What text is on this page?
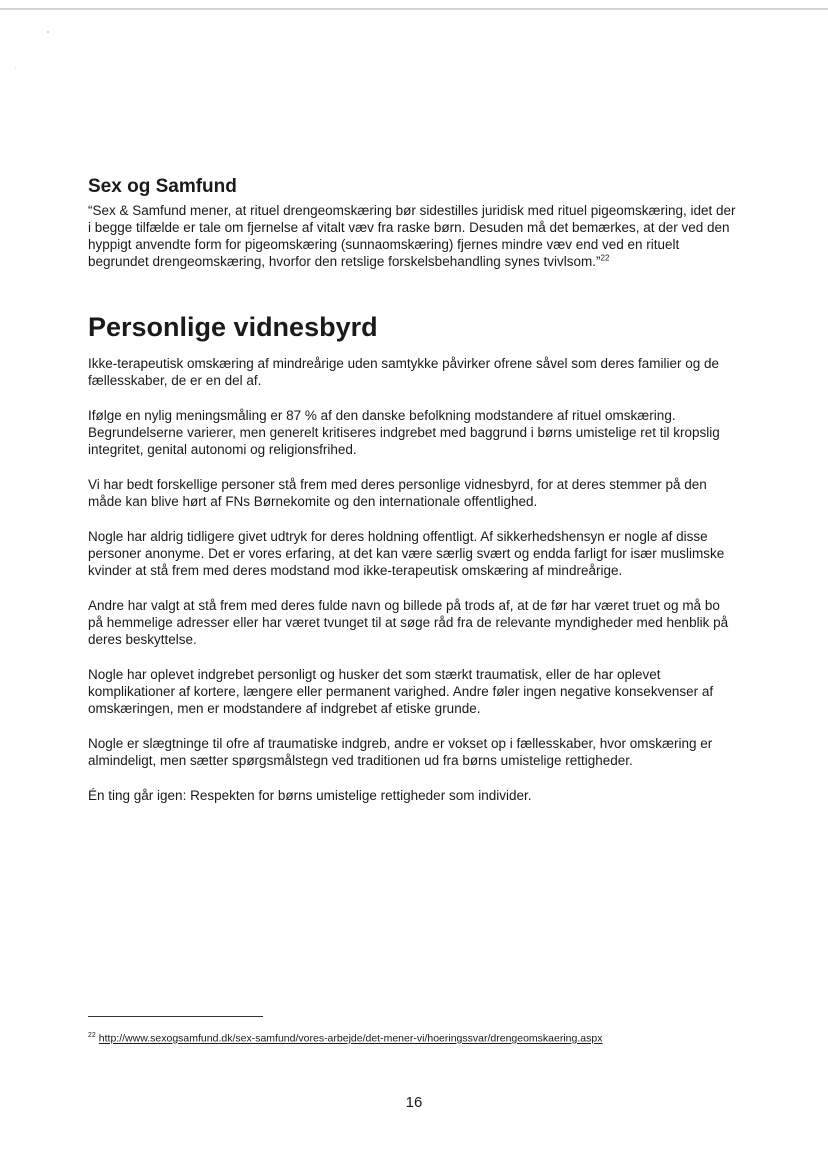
Sex og Samfund

“Sex & Samfund mener, at rituel drengeomskæring bør sidestilles juridisk med rituel pigeomskæring, idet der i begge tilfælde er tale om fjernelse af vitalt væv fra raske børn. Desuden må det bemærkes, at der ved den hyppigt anvendte form for pigeomskæring (sunnaomskæring) fjernes mindre væv end ved en rituelt begrundet drengeomskæring, hvorfor den retslige forskelsbehandling synes tvivlsom.”$^{22}$

Personlige vidnesbyrd

Ikke-terapeutisk omskæring af mindreårige uden samtykke påvirker ofrene såvel som deres familier og de fællesskaber, de er en del af.

Ifølge en nylig meningsmåling er 87 % af den danske befolkning modstandere af rituel omskæring. Begrundelserne varierer, men generelt kritiseres indgrebet med baggrund i børns umistelige ret til kropslig integritet, genital autonomi og religionsfrihed.

Vi har bedt forskellige personer stå frem med deres personlige vidnesbyrd, for at deres stemmer på den måde kan blive hørt af FNs Børnekomite og den internationale offentlighed.

Nogle har aldrig tidligere givet udtryk for deres holdning offentligt. Af sikkerhedshensyn er nogle af disse personer anonyme. Det er vores erfaring, at det kan være særlig svært og endda farligt for især muslimske kvinder at stå frem med deres modstand mod ikke-terapeutisk omskæring af mindreårige.

Andre har valgt at stå frem med deres fulde navn og billede på trods af, at de før har været truet og må bo på hemmelige adresser eller har været tvunget til at søge råd fra de relevante myndigheder med henblik på deres beskyttelse.

Nogle har oplevet indgrebet personligt og husker det som stærkt traumatisk, eller de har oplevet komplikationer af kortere, længere eller permanent varighed. Andre føler ingen negative konsekvenser af omskæringen, men er modstandere af indgrebet af etiske grunde.

Nogle er slægtninge til ofre af traumatiske indgreb, andre er vokset op i fællesskaber, hvor omskæring er almindeligt, men sætter spørgsmålstegn ved traditionen ud fra børns umistelige rettigheder.

Én ting går igen: Respekten for børns umistelige rettigheder som individer.

$^{22}$ http://www.sexogsamfund.dk/sex-samfund/vores-arbejde/det-mener-vi/hoeringssvar/drengeomskaering.aspx
16
